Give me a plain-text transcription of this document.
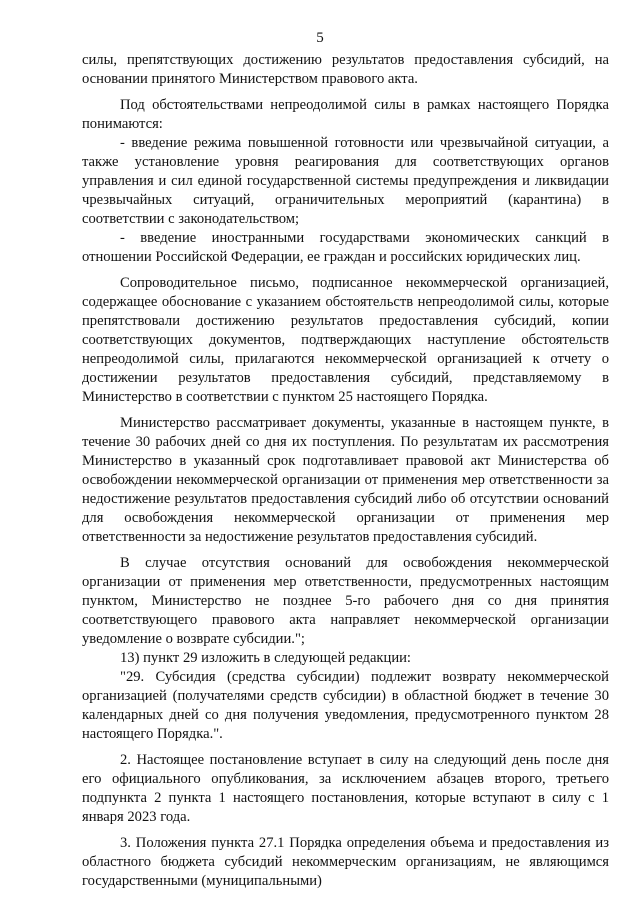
5

силы, препятствующих достижению результатов предоставления субсидий, на основании принятого Министерством правового акта.

Под обстоятельствами непреодолимой силы в рамках настоящего Порядка понимаются:

- введение режима повышенной готовности или чрезвычайной ситуации, а также установление уровня реагирования для соответствующих органов управления и сил единой государственной системы предупреждения и ликвидации чрезвычайных ситуаций, ограничительных мероприятий (карантина) в соответствии с законодательством;

- введение иностранными государствами экономических санкций в отношении Российской Федерации, ее граждан и российских юридических лиц.

Сопроводительное письмо, подписанное некоммерческой организацией, содержащее обоснование с указанием обстоятельств непреодолимой силы, которые препятствовали достижению результатов предоставления субсидий, копии соответствующих документов, подтверждающих наступление обстоятельств непреодолимой силы, прилагаются некоммерческой организацией к отчету о достижении результатов предоставления субсидий, представляемому в Министерство в соответствии с пунктом 25 настоящего Порядка.

Министерство рассматривает документы, указанные в настоящем пункте, в течение 30 рабочих дней со дня их поступления. По результатам их рассмотрения Министерство в указанный срок подготавливает правовой акт Министерства об освобождении некоммерческой организации от применения мер ответственности за недостижение результатов предоставления субсидий либо об отсутствии оснований для освобождения некоммерческой организации от применения мер ответственности за недостижение результатов предоставления субсидий.

В случае отсутствия оснований для освобождения некоммерческой организации от применения мер ответственности, предусмотренных настоящим пунктом, Министерство не позднее 5-го рабочего дня со дня принятия соответствующего правового акта направляет некоммерческой организации уведомление о возврате субсидии.";

13) пункт 29 изложить в следующей редакции:

"29. Субсидия (средства субсидии) подлежит возврату некоммерческой организацией (получателями средств субсидии) в областной бюджет в течение 30 календарных дней со дня получения уведомления, предусмотренного пунктом 28 настоящего Порядка.".

2. Настоящее постановление вступает в силу на следующий день после дня его официального опубликования, за исключением абзацев второго, третьего подпункта 2 пункта 1 настоящего постановления, которые вступают в силу с 1 января 2023 года.

3. Положения пункта 27.1 Порядка определения объема и предоставления из областного бюджета субсидий некоммерческим организациям, не являющимся государственными (муниципальными)
